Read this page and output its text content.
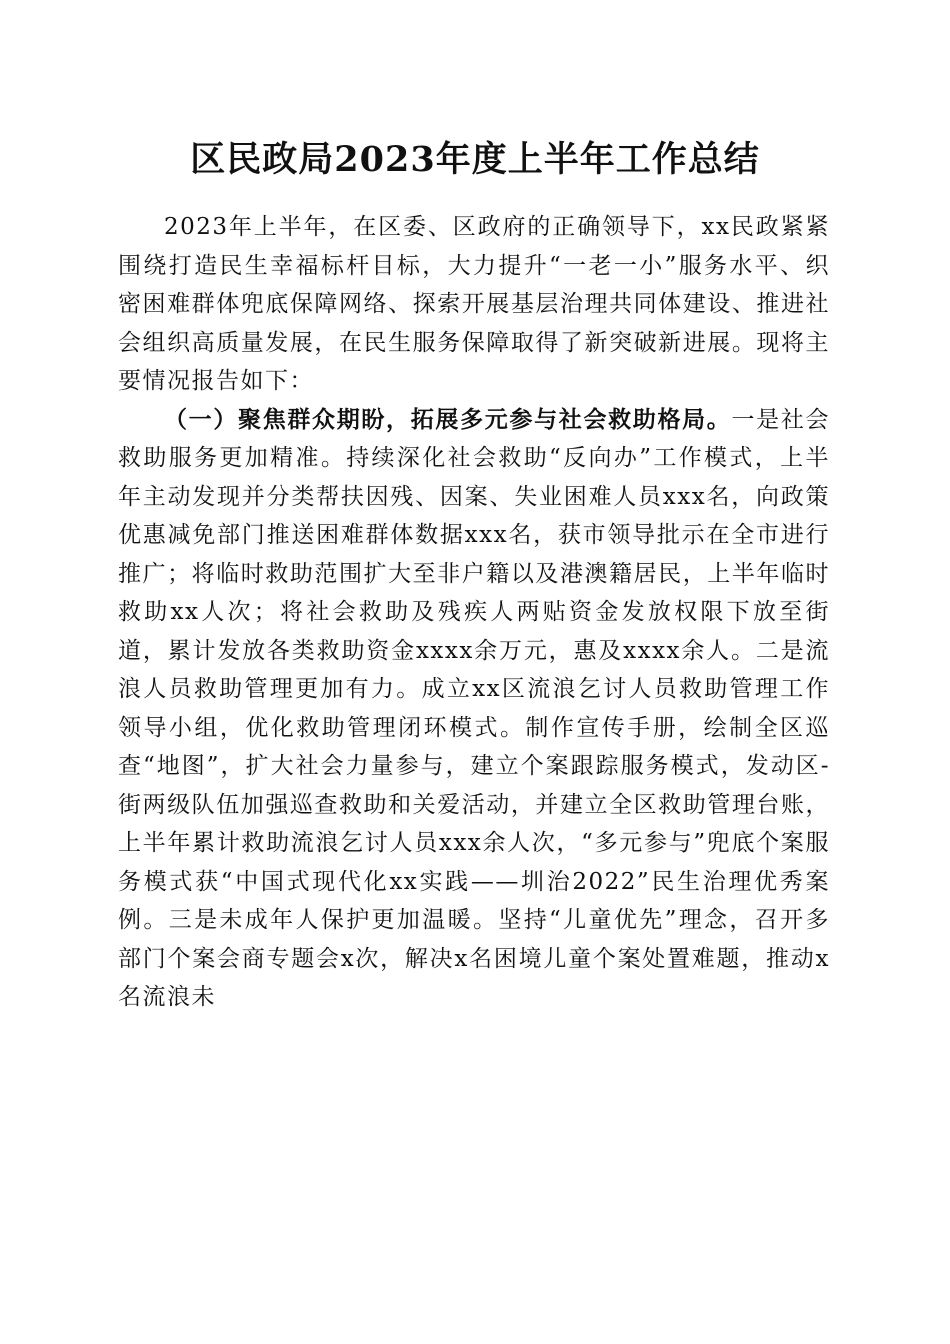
区民政局2023年度上半年工作总结

2023年上半年，在区委、区政府的正确领导下，xx民政紧紧围绕打造民生幸福标杆目标，大力提升“一老一小”服务水平、织密困难群体兜底保障网络、探索开展基层治理共同体建设、推进社会组织高质量发展，在民生服务保障取得了新突破新进展。现将主要情况报告如下：

（一）聚焦群众期盼，拓展多元参与社会救助格局。一是社会救助服务更加精准。持续深化社会救助“反向办”工作模式，上半年主动发现并分类帮扶因残、因案、失业困难人员xxx名，向政策优惠减免部门推送困难群体数据xxx名，获市领导批示在全市进行推广；将临时救助范围扩大至非户籍以及港澳籍居民，上半年临时救助xx人次；将社会救助及残疾人两贴资金发放权限下放至街道，累计发放各类救助资金xxxx余万元，惠及xxxx余人。二是流浪人员救助管理更加有力。成立xx区流浪乞讨人员救助管理工作领导小组，优化救助管理闭环模式。制作宣传手册，绘制全区巡查“地图”，扩大社会力量参与，建立个案跟踪服务模式，发动区-街两级队伍加强巡查救助和关爱活动，并建立全区救助管理台账，上半年累计救助流浪乞讨人员xxx余人次，“多元参与”兜底个案服务模式获“中国式现代化xx实践——圳治2022”民生治理优秀案例。三是未成年人保护更加温暖。坚持“儿童优先”理念，召开多部门个案会商专题会x次，解决x名困境儿童个案处置难题，推动x名流浪未
